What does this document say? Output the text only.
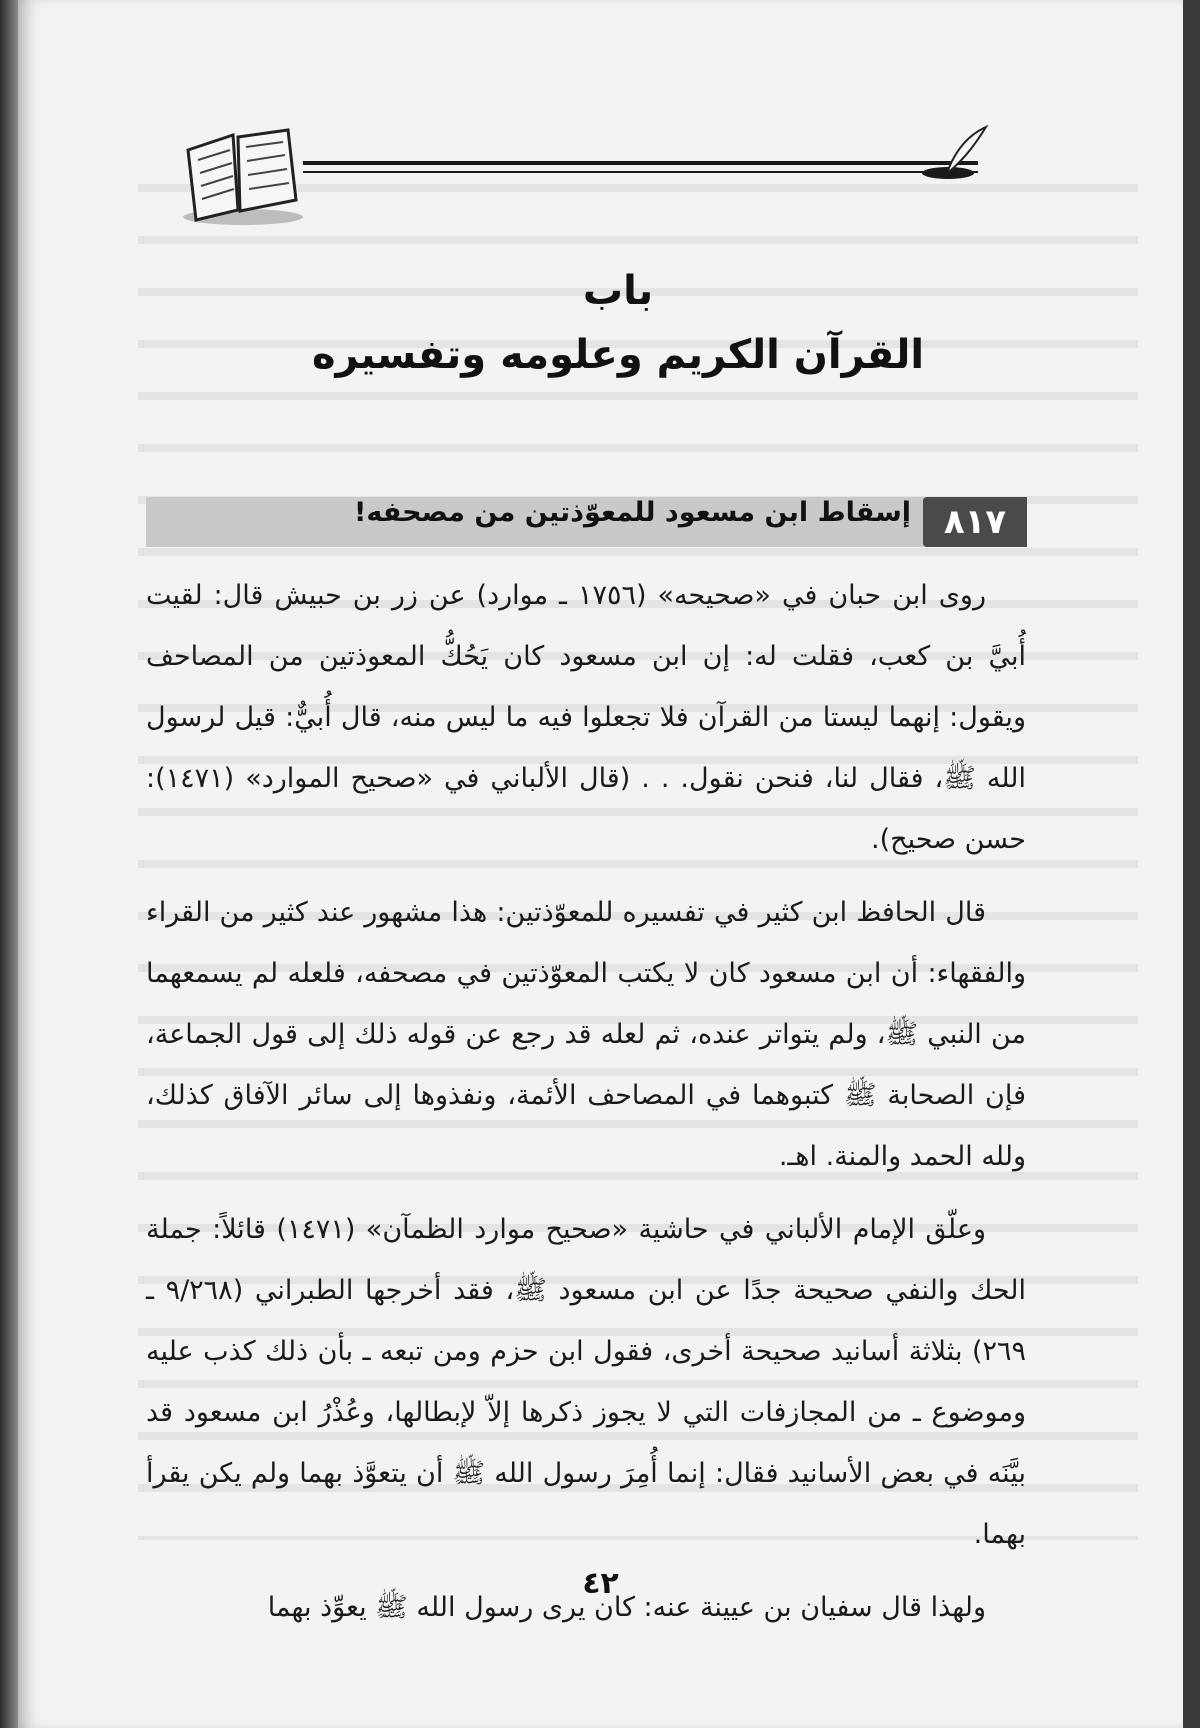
باب
القرآن الكريم وعلومه وتفسيره
٨١٧
إسقاط ابن مسعود للمعوّذتين من مصحفه!

روى ابن حبان في «صحيحه» (١٧٥٦ ـ موارد) عن زر بن حبيش قال: لقيت أُبيَّ بن كعب، فقلت له: إن ابن مسعود كان يَحُكُّ المعوذتين من المصاحف ويقول: إنهما ليستا من القرآن فلا تجعلوا فيه ما ليس منه، قال أُبيٌّ: قيل لرسول الله ﷺ، فقال لنا، فنحن نقول. . . (قال الألباني في «صحيح الموارد» (١٤٧١): حسن صحيح).

قال الحافظ ابن كثير في تفسيره للمعوّذتين: هذا مشهور عند كثير من القراء والفقهاء: أن ابن مسعود كان لا يكتب المعوّذتين في مصحفه، فلعله لم يسمعهما من النبي ﷺ، ولم يتواتر عنده، ثم لعله قد رجع عن قوله ذلك إلى قول الجماعة، فإن الصحابة ﷺ كتبوهما في المصاحف الأئمة، ونفذوها إلى سائر الآفاق كذلك، ولله الحمد والمنة. اهـ.

وعلّق الإمام الألباني في حاشية «صحيح موارد الظمآن» (١٤٧١) قائلاً: جملة الحك والنفي صحيحة جدًا عن ابن مسعود ﷺ، فقد أخرجها الطبراني (٩/٢٦٨ ـ ٢٦٩) بثلاثة أسانيد صحيحة أخرى، فقول ابن حزم ومن تبعه ـ بأن ذلك كذب عليه وموضوع ـ من المجازفات التي لا يجوز ذكرها إلاّ لإبطالها، وعُذْرُ ابن مسعود قد بيَّنَه في بعض الأسانيد فقال: إنما أُمِرَ رسول الله ﷺ أن يتعوَّذ بهما ولم يكن يقرأ بهما.

ولهذا قال سفيان بن عيينة عنه: كان يرى رسول الله ﷺ يعوِّذ بهما

٤٢
